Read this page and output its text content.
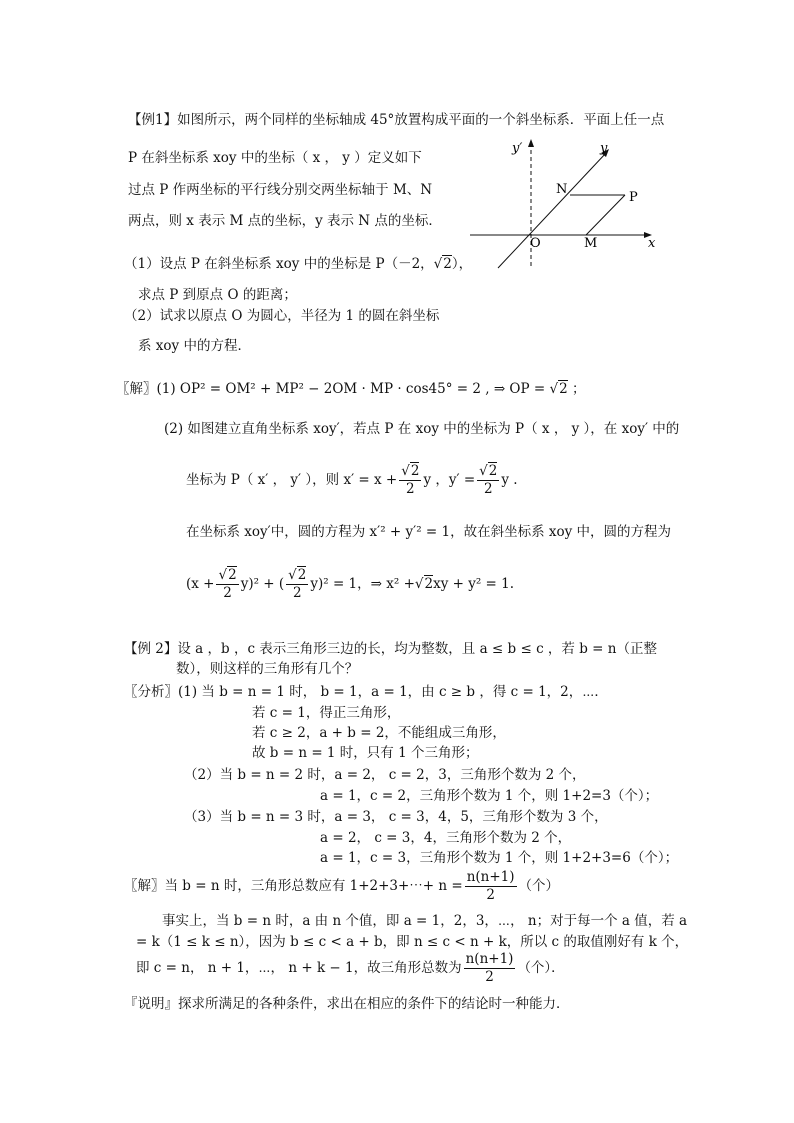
【例1】如图所示，两个同样的坐标轴成 45°放置构成平面的一个斜坐标系．平面上任一点
P 在斜坐标系 xoy 中的坐标（ x ， y ）定义如下
过点 P 作两坐标的平行线分别交两坐标轴于 M、N
两点，则 x 表示 M 点的坐标，y 表示 N 点的坐标．
（1）设点 P 在斜坐标系 xoy 中的坐标是 P（－2，√2），
求点 P 到原点 O 的距离；
（2）试求以原点 O 为圆心，半径为 1 的圆在斜坐标
系 xoy 中的方程．
y′	y
x
N
P
O	M
〖解〗(1) OP² = OM² + MP² − 2OM · MP · cos45° = 2 , ⇒ OP = √2 ；
(2) 如图建立直角坐标系 xoy′，若点 P 在 xoy 中的坐标为 P（ x ， y ），在 xoy′ 中的
坐标为 P（ x′ ， y′ ），则 $x' = x + \frac{√2}{2}$ y ，$y' = \frac{√2}{2}$ y .
在坐标系 xoy′中，圆的方程为 x′² + y′² = 1，故在斜坐标系 xoy 中，圆的方程为
$(x + \frac{√2}{2} y)^2$ + ( $\frac{√2}{2} y)^2 = 1$，⇒ x² +√2xy + y² = 1.
【例 2】设 a ，b ，c 表示三角形三边的长，均为整数，且 a ≤ b ≤ c ，若 b = n（正整
数），则这样的三角形有几个？
〖分析〗(1) 当 b = n = 1 时， b = 1，a = 1，由 c ≥ b ，得 c = 1，2，⋯．
若 c = 1，得正三角形，
若 c ≥ 2，a + b = 2，不能组成三角形，
故 b = n = 1 时，只有 1 个三角形；
（2）当 b = n = 2 时，a = 2， c = 2，3，三角形个数为 2 个，
a = 1，c = 2，三角形个数为 1 个，则 1+2=3（个）；
（3）当 b = n = 3 时，a = 3， c = 3，4，5，三角形个数为 3 个，
a = 2， c = 3，4，三角形个数为 2 个，
a = 1，c = 3，三角形个数为 1 个，则 1+2+3=6（个）；
〖解〗当 b = n 时，三角形总数应有 1+2+3+⋯+ $n = \frac{n(n+1)}{2}$ （个）
事实上，当 b = n 时，a 由 n 个值，即 a = 1，2，3，⋯， n；对于每一个 a 值，若 a
= k（1 ≤ k ≤ n），因为 b ≤ c < a + b，即 n ≤ c < n + k，所以 c 的取值刚好有 k 个，
即 c = n， n + 1，⋯， n + k − 1，故三角形总数为 $\frac{n(n+1)}{2}$ （个）．
『说明』探求所满足的各种条件，求出在相应的条件下的结论时一种能力．
